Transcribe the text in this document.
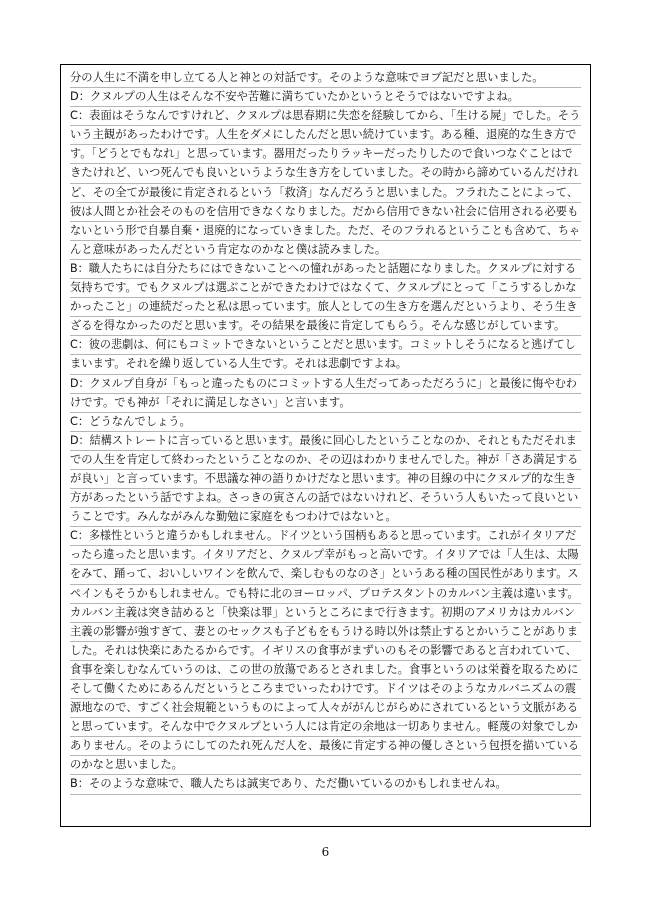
分の人生に不満を申し立てる人と神との対話です。そのような意味でヨブ記だと思いました。
D：クヌルプの人生はそんな不安や苦難に満ちていたかというとそうではないですよね。
C：表面はそうなんですけれど、クヌルプは思春期に失恋を経験してから、「生ける屍」でした。そう
いう主観があったわけです。人生をダメにしたんだと思い続けています。ある種、退廃的な生き方で
す。「どうとでもなれ」と思っています。器用だったりラッキーだったりしたので食いつなぐことはで
きたけれど、いつ死んでも良いというような生き方をしていました。その時から諦めているんだけれ
ど、その全てが最後に肯定されるという「救済」なんだろうと思いました。フラれたことによって、
彼は人間とか社会そのものを信用できなくなりました。だから信用できない社会に信用される必要も
ないという形で自暴自棄・退廃的になっていきました。ただ、そのフラれるということも含めて、ちゃ
んと意味があったんだという肯定なのかなと僕は読みました。
B：職人たちには自分たちにはできないことへの憧れがあったと話題になりました。クヌルプに対する
気持ちです。でもクヌルプは選ぶことができたわけではなくて、クヌルプにとって「こうするしかな
かったこと」の連続だったと私は思っています。旅人としての生き方を選んだというより、そう生き
ざるを得なかったのだと思います。その結果を最後に肯定してもらう。そんな感じがしています。
C：彼の悲劇は、何にもコミットできないということだと思います。コミットしそうになると逃げてし
まいます。それを繰り返している人生です。それは悲劇ですよね。
D：クヌルプ自身が「もっと違ったものにコミットする人生だってあっただろうに」と最後に悔やむわ
けです。でも神が「それに満足しなさい」と言います。
C：どうなんでしょう。
D：結構ストレートに言っていると思います。最後に回心したということなのか、それともただそれま
での人生を肯定して終わったということなのか、その辺はわかりませんでした。神が「さあ満足する
が良い」と言っています。不思議な神の語りかけだなと思います。神の目線の中にクヌルプ的な生き
方があったという話ですよね。さっきの寅さんの話ではないけれど、そういう人もいたって良いとい
うことです。みんながみんな勤勉に家庭をもつわけではないと。
C：多様性というと違うかもしれません。ドイツという国柄もあると思っています。これがイタリアだ
ったら違ったと思います。イタリアだと、クヌルプ幸がもっと高いです。イタリアでは「人生は、太陽
をみて、踊って、おいしいワインを飲んで、楽しむものなのさ」というある種の国民性があります。ス
ペインもそうかもしれません。でも特に北のヨーロッパ、プロテスタントのカルバン主義は違います。
カルバン主義は突き詰めると「快楽は罪」というところにまで行きます。初期のアメリカはカルバン
主義の影響が強すぎて、妻とのセックスも子どもをもうける時以外は禁止するとかいうことがありま
した。それは快楽にあたるからです。イギリスの食事がまずいのもその影響であると言われていて、
食事を楽しむなんていうのは、この世の放蕩であるとされました。食事というのは栄養を取るために
そして働くためにあるんだというところまでいったわけです。ドイツはそのようなカルバニズムの震
源地なので、すごく社会規範というものによって人々ががんじがらめにされているという文脈がある
と思っています。そんな中でクヌルプという人には肯定の余地は一切ありません。軽蔑の対象でしか
ありません。そのようにしてのたれ死んだ人を、最後に肯定する神の優しさという包摂を描いている
のかなと思いました。
B：そのような意味で、職人たちは誠実であり、ただ働いているのかもしれませんね。
6
